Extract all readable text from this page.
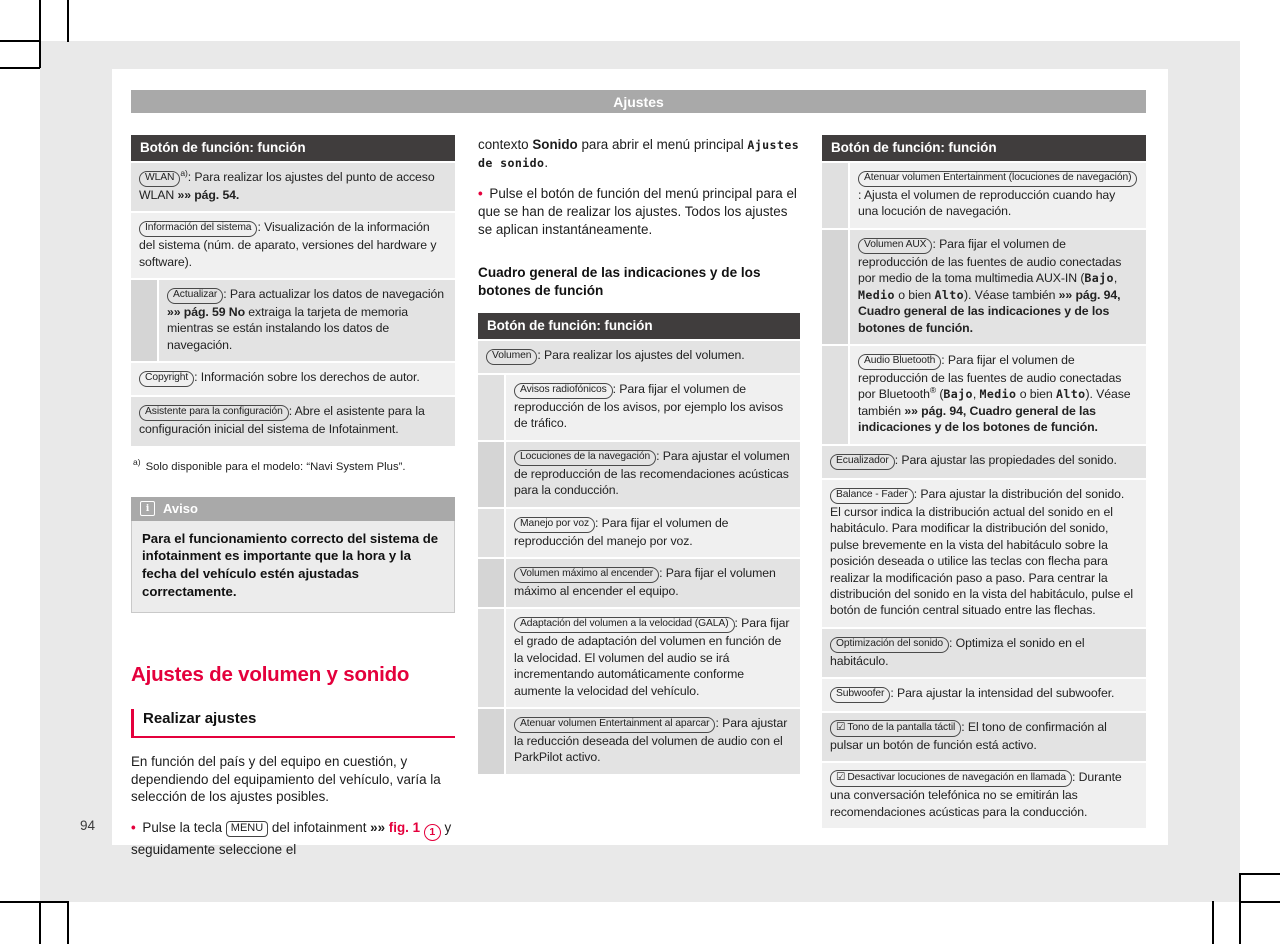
Ajustes
Botón de función: función
WLAN $^{a)}$: Para realizar los ajustes del punto de acceso WLAN »» pág. 54.
Información del sistema : Visualización de la información del sistema (núm. de aparato, versiones del hardware y software).
Actualizar : Para actualizar los datos de navegación »» pág. 59 No extraiga la tarjeta de memoria mientras se están instalando los datos de navegación.
Copyright : Información sobre los derechos de autor.
Asistente para la configuración : Abre el asistente para la configuración inicial del sistema de Infotainment.
$^{a)}$ Solo disponible para el modelo: “Navi System Plus”.
i	Aviso
Para el funcionamiento correcto del sistema de infotainment es importante que la hora y la fecha del vehículo estén ajustadas correctamente.
Ajustes de volumen y sonido
Realizar ajustes
En función del país y del equipo en cuestión, y dependiendo del equipamiento del vehículo, varía la selección de los ajustes posibles.
• Pulse la tecla MENU del infotainment »» fig. 1 1 y seguidamente seleccione el
contexto Sonido para abrir el menú principal Ajustes de sonido.
• Pulse el botón de función del menú principal para el que se han de realizar los ajustes. Todos los ajustes se aplican instantáneamente.
Cuadro general de las indicaciones y de los botones de función
Botón de función: función
Volumen : Para realizar los ajustes del volumen.
Avisos radiofónicos : Para fijar el volumen de reproducción de los avisos, por ejemplo los avisos de tráfico.
Locuciones de la navegación : Para ajustar el volumen de reproducción de las recomendaciones acústicas para la conducción.
Manejo por voz : Para fijar el volumen de reproducción del manejo por voz.
Volumen máximo al encender : Para fijar el volumen máximo al encender el equipo.
Adaptación del volumen a la velocidad (GALA) : Para fijar el grado de adaptación del volumen en función de la velocidad. El volumen del audio se irá incrementando automáticamente conforme aumente la velocidad del vehículo.
Atenuar volumen Entertainment al aparcar : Para ajustar la reducción deseada del volumen de audio con el ParkPilot activo.
Botón de función: función
Atenuar volumen Entertainment (locuciones de navegación): Ajusta el volumen de reproducción cuando hay una locución de navegación.
Volumen AUX : Para fijar el volumen de reproducción de las fuentes de audio conectadas por medio de la toma multimedia AUX-IN (Bajo, Medio o bien Alto). Véase también »» pág. 94, Cuadro general de las indicaciones y de los botones de función.
Audio Bluetooth : Para fijar el volumen de reproducción de las fuentes de audio conectadas por Bluetooth® (Bajo, Medio o bien Alto). Véase también »» pág. 94, Cuadro general de las indicaciones y de los botones de función.
Ecualizador : Para ajustar las propiedades del sonido.
Balance - Fader : Para ajustar la distribución del sonido. El cursor indica la distribución actual del sonido en el habitáculo. Para modificar la distribución del sonido, pulse brevemente en la vista del habitáculo sobre la posición deseada o utilice las teclas con flecha para realizar la modificación paso a paso. Para centrar la distribución del sonido en la vista del habitáculo, pulse el botón de función central situado entre las flechas.
Optimización del sonido : Optimiza el sonido en el habitáculo.
Subwoofer : Para ajustar la intensidad del subwoofer.
☑ Tono de la pantalla táctil : El tono de confirmación al pulsar un botón de función está activo.
☑ Desactivar locuciones de navegación en llamada : Durante una conversación telefónica no se emitirán las recomendaciones acústicas para la conducción.
94
